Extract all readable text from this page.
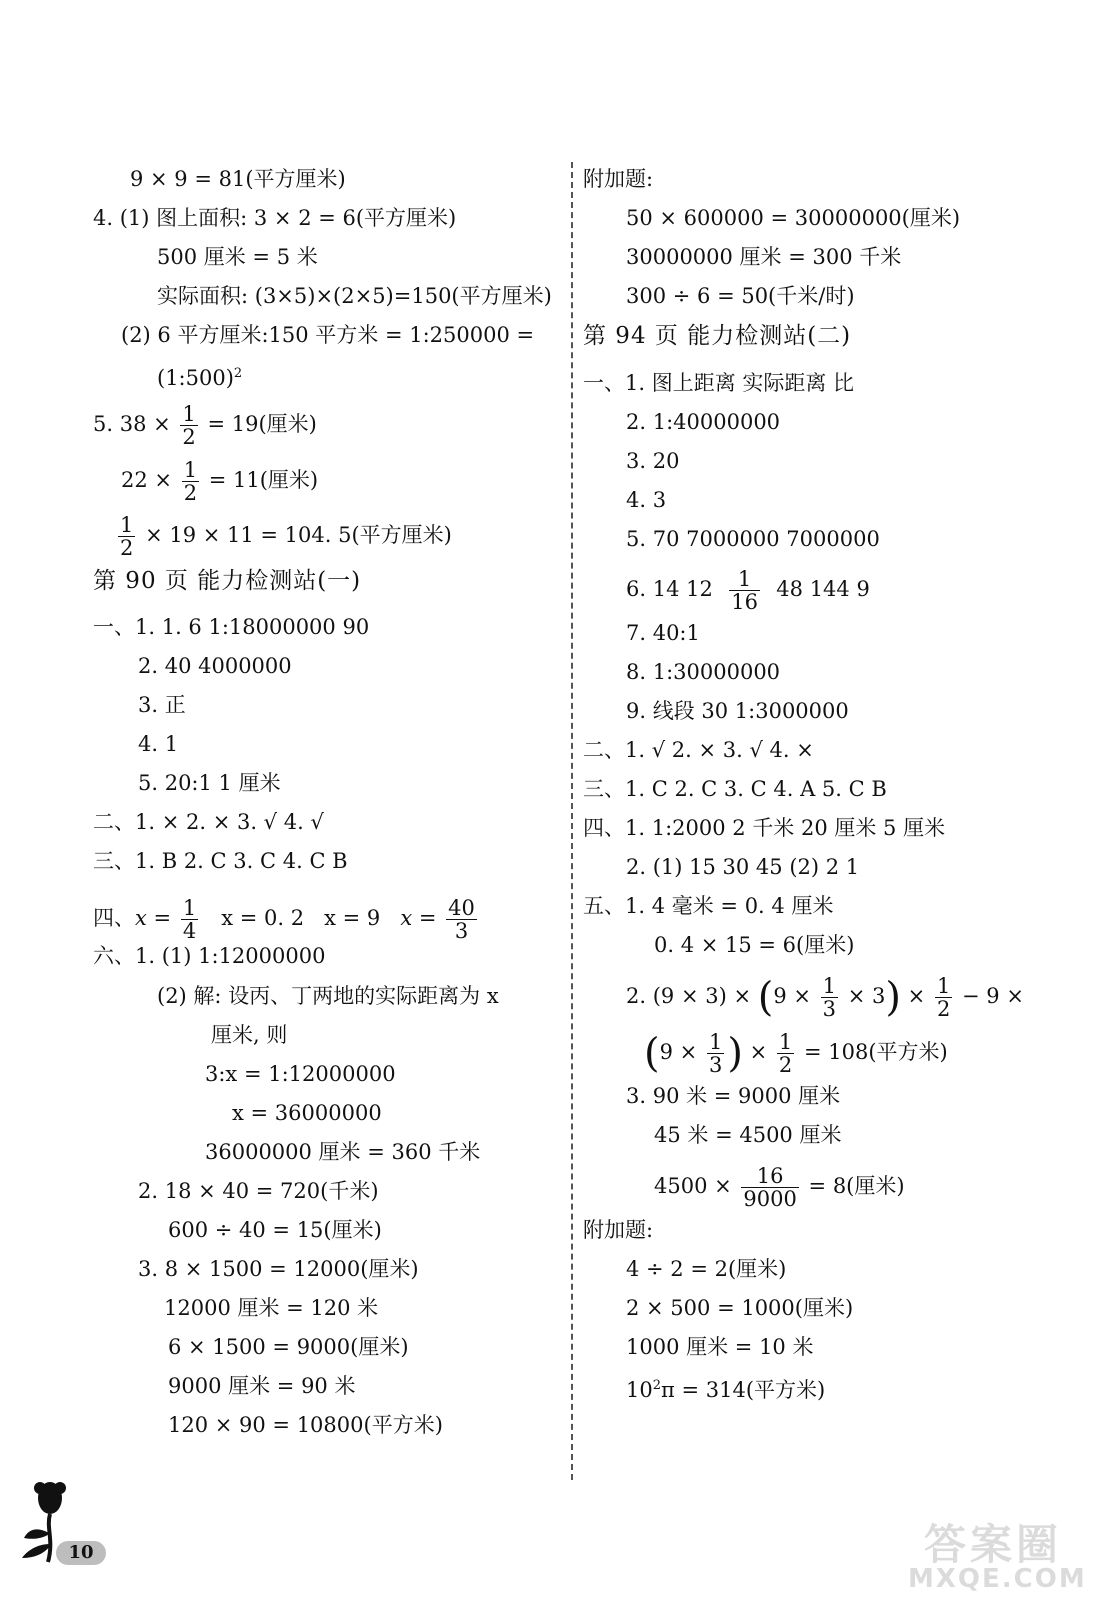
9 × 9 = 81(平方厘米)
4. (1) 图上面积: 3 × 2 = 6(平方厘米)
500 厘米 = 5 米
实际面积: (3×5)×(2×5)=150(平方厘米)
(2) 6 平方厘米:150 平方米 = 1:250000 =
(1:500)$^2$
5. $38 \times \frac{1}{2} = 19$(厘米)
$22 \times \frac{1}{2} = 11$(厘米)
$\frac{1}{2} \times 19 \times 11 = 104$. 5(平方厘米)
第 90 页 能力检测站(一)
一、1. 1. 6 1:18000000 90
2. 40 4000000
3. 正
4. 1
5. 20:1 1 厘米
二、1. × 2. × 3. √ 4. √
三、1. B 2. C 3. C 4. C B
四、$x = \frac{1}{4}$ x = 0. 2 x = 9 $x = \frac{40}{3}$
六、1. (1) 1:12000000
(2) 解: 设丙、丁两地的实际距离为 x
厘米, 则
3:x = 1:12000000
x = 36000000
36000000 厘米 = 360 千米
2. 18 × 40 = 720(千米)
600 ÷ 40 = 15(厘米)
3. 8 × 1500 = 12000(厘米)
12000 厘米 = 120 米
6 × 1500 = 9000(厘米)
9000 厘米 = 90 米
120 × 90 = 10800(平方米)
附加题:
50 × 600000 = 30000000(厘米)
30000000 厘米 = 300 千米
300 ÷ 6 = 50(千米/时)
第 94 页 能力检测站(二)
一、1. 图上距离 实际距离 比
2. 1:40000000
3. 20
4. 3
5. 70 7000000 7000000
6. 14 $12 \frac{1}{16} 48$ 144 9
7. 40:1
8. 1:30000000
9. 线段 30 1:3000000
二、1. √ 2. × 3. √ 4. ×
三、1. C 2. C 3. C 4. A 5. C B
四、1. 1:2000 2 千米 20 厘米 5 厘米
2. (1) 15 30 45 (2) 2 1
五、1. 4 毫米 = 0. 4 厘米
0. 4 × 15 = 6(厘米)
2. $(9 \times 3) \times (9 \times \frac{1}{3} \times 3) \times \frac{1}{2} - 9$ ×
($9 \times \frac{1}{3}$ ) × $\frac{1}{2} = 108$(平方米)
3. 90 米 = 9000 厘米
45 米 = 4500 厘米
$4500 \times \frac{16}{9000} = 8$(厘米)
附加题:
4 ÷ 2 = 2(厘米)
2 × 500 = 1000(厘米)
1000 厘米 = 10 米
$10^2\pi = 314$(平方米)
10	答案圈
MXQE.COM
